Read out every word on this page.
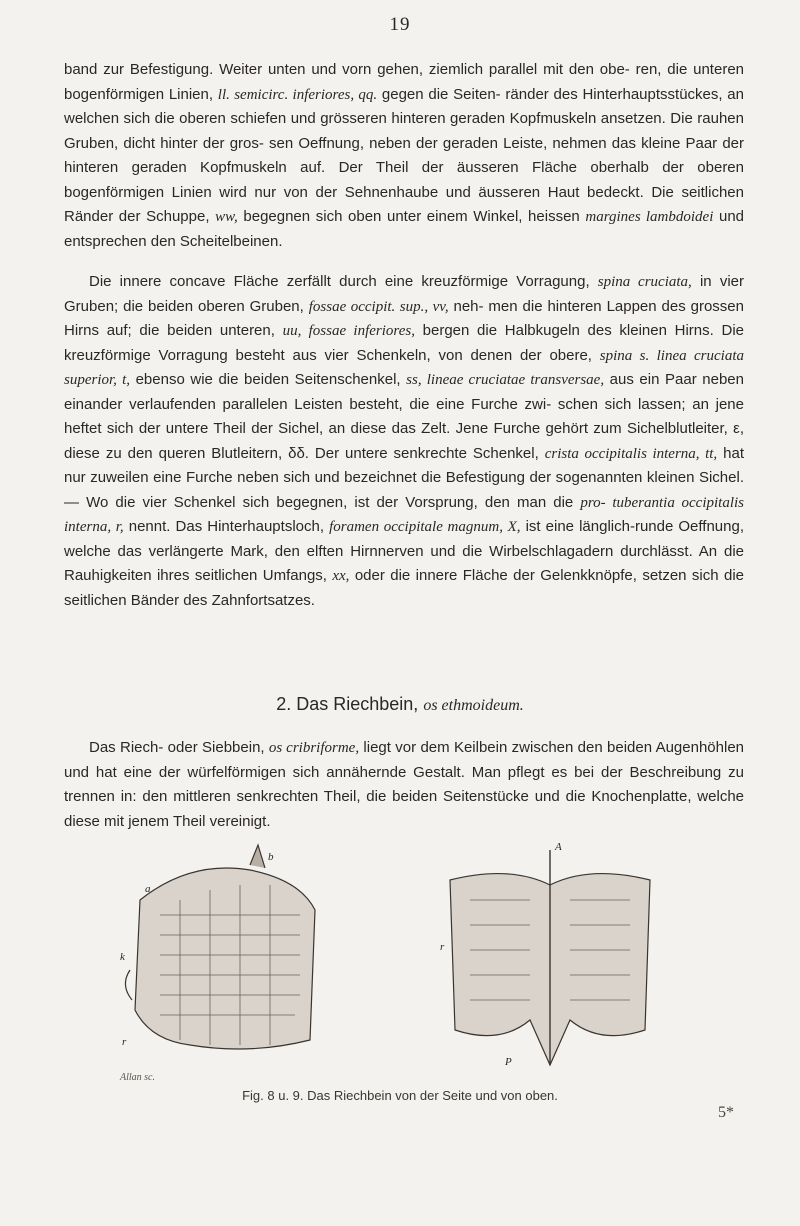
19

band zur Befestigung. Weiter unten und vorn gehen, ziemlich parallel mit den obe- ren, die unteren bogenförmigen Linien, ll. semicirc. inferiores, qq. gegen die Seiten- ränder des Hinterhauptsstückes, an welchen sich die oberen schiefen und grösseren hinteren geraden Kopfmuskeln ansetzen. Die rauhen Gruben, dicht hinter der gros- sen Oeffnung, neben der geraden Leiste, nehmen das kleine Paar der hinteren geraden Kopfmuskeln auf. Der Theil der äusseren Fläche oberhalb der oberen bogenförmigen Linien wird nur von der Sehnenhaube und äusseren Haut bedeckt. Die seitlichen Ränder der Schuppe, ww, begegnen sich oben unter einem Winkel, heissen margines lambdoidei und entsprechen den Scheitelbeinen.

Die innere concave Fläche zerfällt durch eine kreuzförmige Vorragung, spina cruciata, in vier Gruben; die beiden oberen Gruben, fossae occipit. sup., vv, neh- men die hinteren Lappen des grossen Hirns auf; die beiden unteren, uu, fossae inferiores, bergen die Halbkugeln des kleinen Hirns. Die kreuzförmige Vorragung besteht aus vier Schenkeln, von denen der obere, spina s. linea cruciata superior, t, ebenso wie die beiden Seitenschenkel, ss, lineae cruciatae transversae, aus ein Paar neben einander verlaufenden parallelen Leisten besteht, die eine Furche zwi- schen sich lassen; an jene heftet sich der untere Theil der Sichel, an diese das Zelt. Jene Furche gehört zum Sichelblutleiter, ε, diese zu den queren Blutleitern, δδ. Der untere senkrechte Schenkel, crista occipitalis interna, tt, hat nur zuweilen eine Furche neben sich und bezeichnet die Befestigung der sogenannten kleinen Sichel. — Wo die vier Schenkel sich begegnen, ist der Vorsprung, den man die pro- tuberantia occipitalis interna, r, nennt. Das Hinterhauptsloch, foramen occipitale magnum, X, ist eine länglich-runde Oeffnung, welche das verlängerte Mark, den elften Hirnnerven und die Wirbelschlagadern durchlässt. An die Rauhigkeiten ihres seitlichen Umfangs, xx, oder die innere Fläche der Gelenkknöpfe, setzen sich die seitlichen Bänder des Zahnfortsatzes.

2. Das Riechbein, os ethmoideum.

Das Riech- oder Siebbein, os cribriforme, liegt vor dem Keilbein zwischen den beiden Augenhöhlen und hat eine der würfelförmigen sich annähernde Gestalt. Man pflegt es bei der Beschreibung zu trennen in: den mittleren senkrechten Theil, die beiden Seitenstücke und die Knochenplatte, welche diese mit jenem Theil vereinigt.

a
b
k
r
A
r
P
Allan sc.
Fig. 8 u. 9. Das Riechbein von der Seite und von oben.
5*
